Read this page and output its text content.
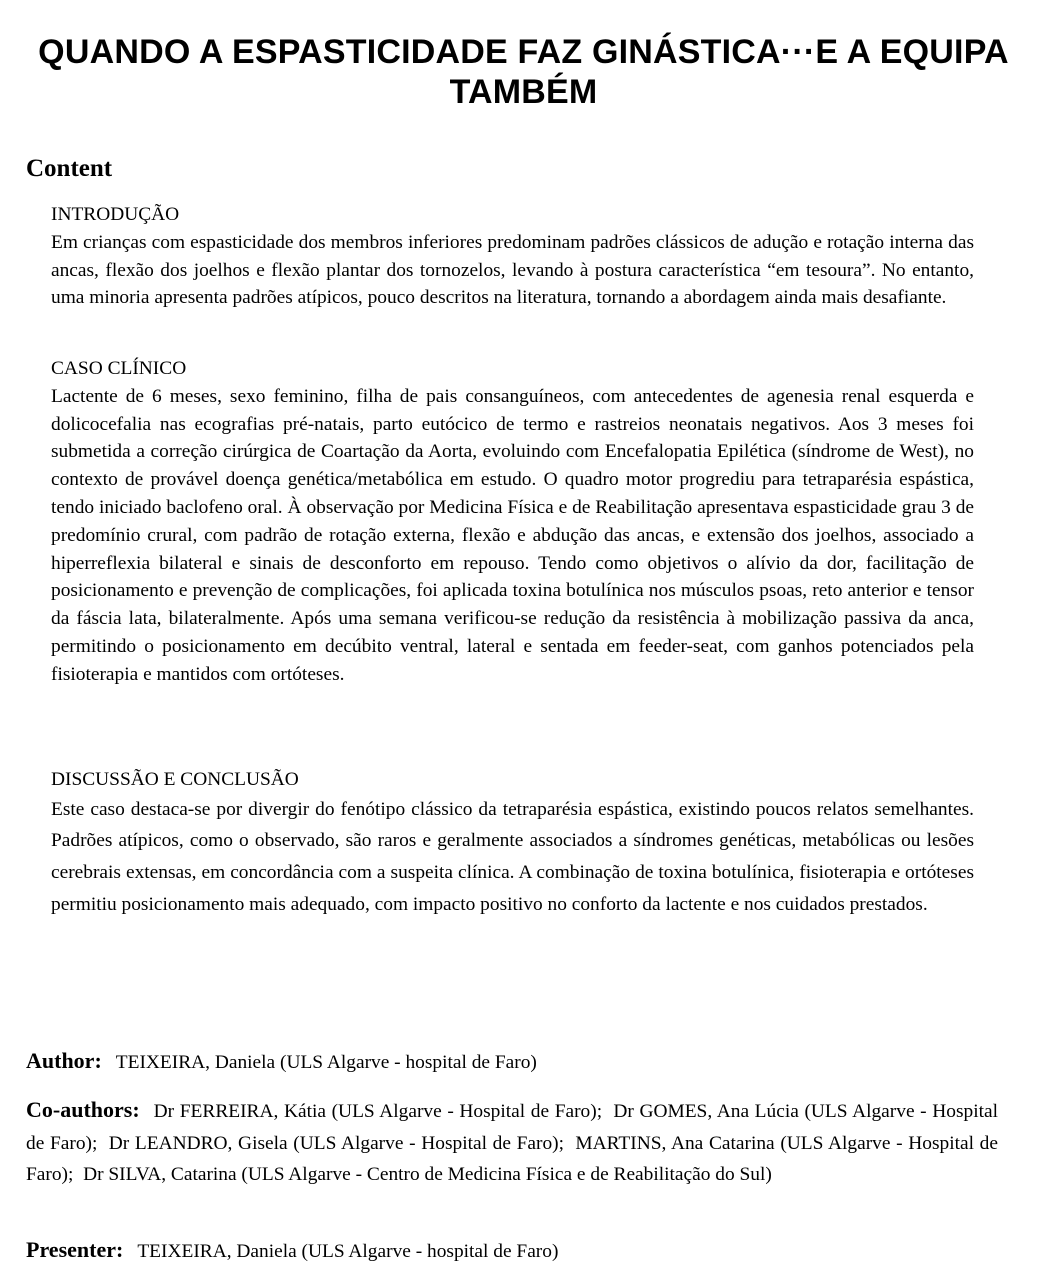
QUANDO A ESPASTICIDADE FAZ GINÁSTICA···E A EQUIPA TAMBÉM
Content
INTRODUÇÃO
Em crianças com espasticidade dos membros inferiores predominam padrões clássicos de adução e rotação interna das ancas, flexão dos joelhos e flexão plantar dos tornozelos, levando à postura característica “em tesoura”. No entanto, uma minoria apresenta padrões atípicos, pouco descritos na literatura, tornando a abordagem ainda mais desafiante.
CASO CLÍNICO
Lactente de 6 meses, sexo feminino, filha de pais consanguíneos, com antecedentes de agenesia renal esquerda e dolicocefalia nas ecografias pré-natais, parto eutócico de termo e rastreios neonatais negativos. Aos 3 meses foi submetida a correção cirúrgica de Coartação da Aorta, evoluindo com Encefalopatia Epilética (síndrome de West), no contexto de provável doença genética/metabólica em estudo. O quadro motor progrediu para tetraparésia espástica, tendo iniciado baclofeno oral. À observação por Medicina Física e de Reabilitação apresentava espasticidade grau 3 de predomínio crural, com padrão de rotação externa, flexão e abdução das ancas, e extensão dos joelhos, associado a hiperreflexia bilateral e sinais de desconforto em repouso. Tendo como objetivos o alívio da dor, facilitação de posicionamento e prevenção de complicações, foi aplicada toxina botulínica nos músculos psoas, reto anterior e tensor da fáscia lata, bilateralmente. Após uma semana verificou-se redução da resistência à mobilização passiva da anca, permitindo o posicionamento em decúbito ventral, lateral e sentada em feeder-seat, com ganhos potenciados pela fisioterapia e mantidos com ortóteses.
DISCUSSÃO E CONCLUSÃO
Este caso destaca-se por divergir do fenótipo clássico da tetraparésia espástica, existindo poucos relatos semelhantes. Padrões atípicos, como o observado, são raros e geralmente associados a síndromes genéticas, metabólicas ou lesões cerebrais extensas, em concordância com a suspeita clínica. A combinação de toxina botulínica, fisioterapia e ortóteses permitiu posicionamento mais adequado, com impacto positivo no conforto da lactente e nos cuidados prestados.
Author: TEIXEIRA, Daniela (ULS Algarve - hospital de Faro)
Co-authors: Dr FERREIRA, Kátia (ULS Algarve - Hospital de Faro); Dr GOMES, Ana Lúcia (ULS Algarve - Hospital de Faro); Dr LEANDRO, Gisela (ULS Algarve - Hospital de Faro); MARTINS, Ana Catarina (ULS Algarve - Hospital de Faro); Dr SILVA, Catarina (ULS Algarve - Centro de Medicina Física e de Reabilitação do Sul)
Presenter: TEIXEIRA, Daniela (ULS Algarve - hospital de Faro)
